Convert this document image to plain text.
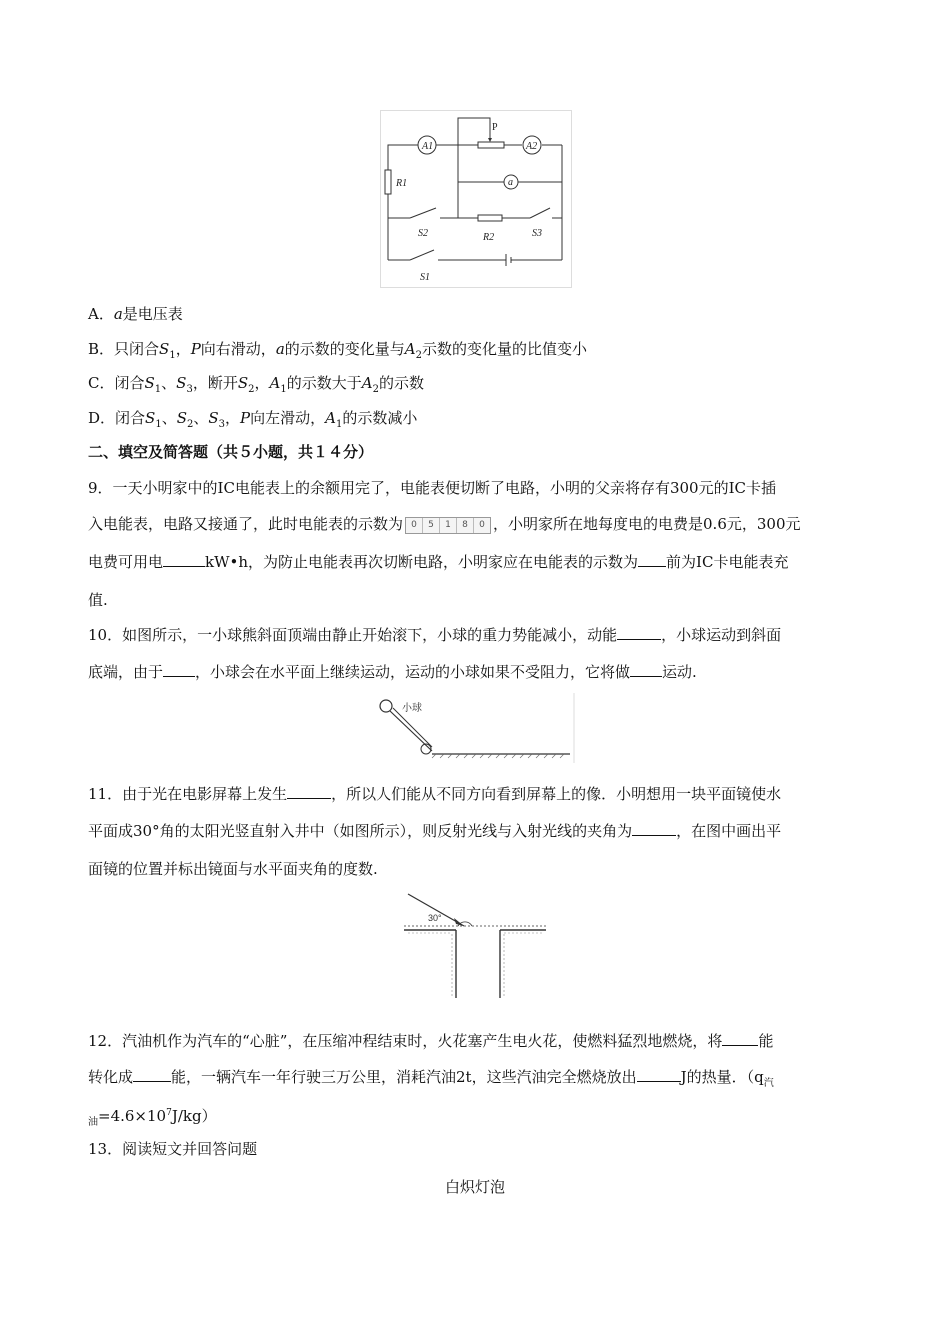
A1	A2
P
a
R1
R2
S2	S3
S1
A．a是电压表
B．只闭合$S_1$，P向右滑动，a的示数的变化量与$A_2$示数的变化量的比值变小
C．闭合$S_1$、$S_3$，断开$S_2$，$A_1$的示数大于$A_2$的示数
D．闭合$S_1$、$S_2$、$S_3$，P向左滑动，$A_1$的示数减小
二、填空及简答题（共５小题，共１４分）
9．一天小明家中的IC电能表上的余额用完了，电能表便切断了电路，小明的父亲将存有300元的IC卡插
入电能表，电路又接通了，此时电能表的示数为 0	5	1	8	0 ，小明家所在地每度电的电费是0.6元，300元
电费可用电	kW•h，为防止电能表再次切断电路，小明家应在电能表的示数为 前为IC卡电能表充
值.
10．如图所示，一小球熊斜面顶端由静止开始滚下，小球的重力势能减小，动能	，小球运动到斜面
底端，由于 ，小球会在水平面上继续运动，运动的小球如果不受阻力，它将做 运动.
小球
11．由于光在电影屏幕上发生	，所以人们能从不同方向看到屏幕上的像．小明想用一块平面镜使水
平面成30°角的太阳光竖直射入井中（如图所示），则反射光线与入射光线的夹角为	，在图中画出平
面镜的位置并标出镜面与水平面夹角的度数.
30°
12．汽油机作为汽车的“心脏”，在压缩冲程结束时，火花塞产生电火花，使燃料猛烈地燃烧，将 能
转化成	能，一辆汽车一年行驶三万公里，消耗汽油2t，这些汽油完全燃烧放出	J的热量．（$q_汽$
$_油=4.6\times 10^7J/kg$）
13．阅读短文并回答问题
白炽灯泡
